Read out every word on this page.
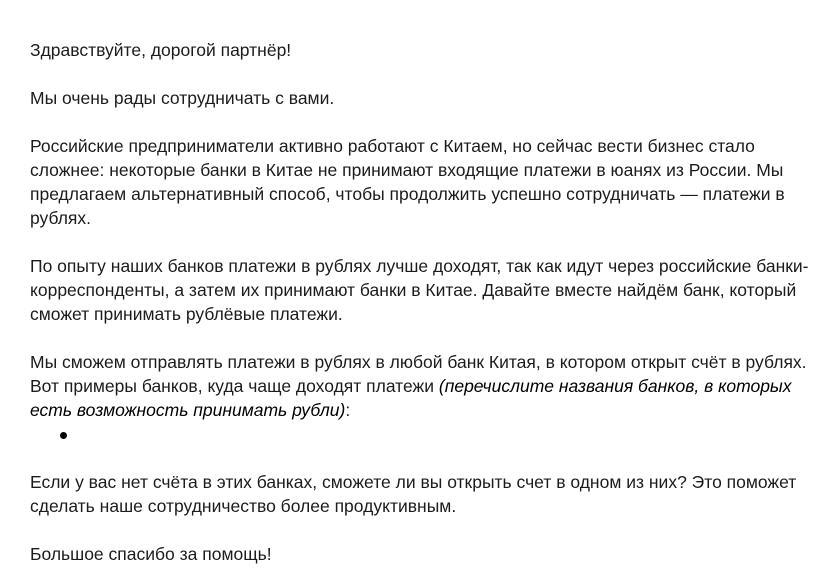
Здравствуйте, дорогой партнёр!

Мы очень рады сотрудничать с вами.

Российские предприниматели активно работают с Китаем, но сейчас вести бизнес стало сложнее: некоторые банки в Китае не принимают входящие платежи в юанях из России. Мы предлагаем альтернативный способ, чтобы продолжить успешно сотрудничать — платежи в рублях.

По опыту наших банков платежи в рублях лучше доходят, так как идут через российские банки-корреспонденты, а затем их принимают банки в Китае. Давайте вместе найдём банк, который сможет принимать рублёвые платежи.

Мы сможем отправлять платежи в рублях в любой банк Китая, в котором открыт счёт в рублях. Вот примеры банков, куда чаще доходят платежи (перечислите названия банков, в которых есть возможность принимать рубли):

Если у вас нет счёта в этих банках, сможете ли вы открыть счет в одном из них? Это поможет сделать наше сотрудничество более продуктивным.

Большое спасибо за помощь!
